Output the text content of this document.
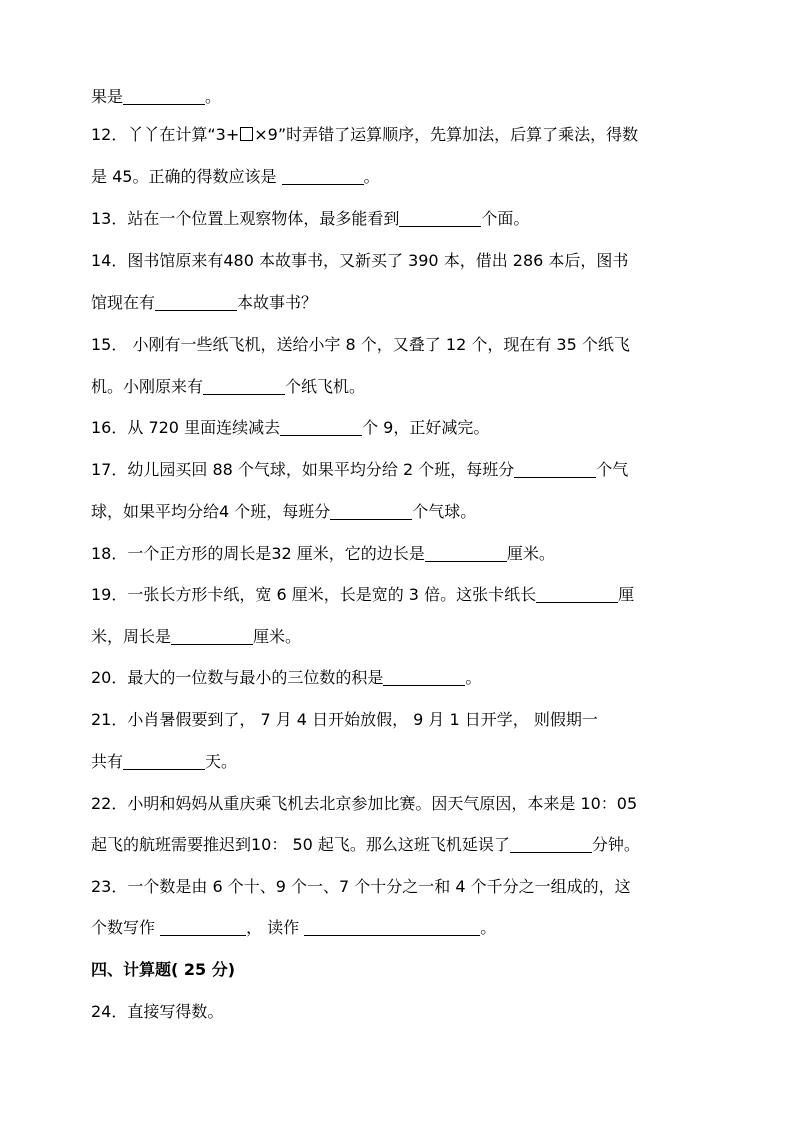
果是	。
12．丫丫在计算“3+ ×9”时弄错了运算顺序，先算加法，后算了乘法，得数
是 45。正确的得数应该是	。
13．站在一个位置上观察物体，最多能看到	个面。
14．图书馆原来有480 本故事书，又新买了 390 本，借出 286 本后，图书
馆现在有	本故事书？
15． 小刚有一些纸飞机，送给小宇 8 个，又叠了 12 个，现在有 35 个纸飞
机。小刚原来有	个纸飞机。
16．从 720 里面连续减去	个 9，正好减完。
17．幼儿园买回 88 个气球，如果平均分给 2 个班，每班分	个气
球，如果平均分给4 个班，每班分	个气球。
18．一个正方形的周长是32 厘米，它的边长是	厘米。
19．一张长方形卡纸，宽 6 厘米，长是宽的 3 倍。这张卡纸长	厘
米，周长是	厘米。
20．最大的一位数与最小的三位数的积是	。
21．小肖暑假要到了， 7 月 4 日开始放假， 9 月 1 日开学， 则假期一
共有	天。
22．小明和妈妈从重庆乘飞机去北京参加比赛。因天气原因，本来是 10：05
起飞的航班需要推迟到10： 50 起飞。那么这班飞机延误了	分钟。
23．一个数是由 6 个十、9 个一、7 个十分之一和 4 个千分之一组成的，这
个数写作	， 读作	。
四、计算题( 25 分)
24．直接写得数。
